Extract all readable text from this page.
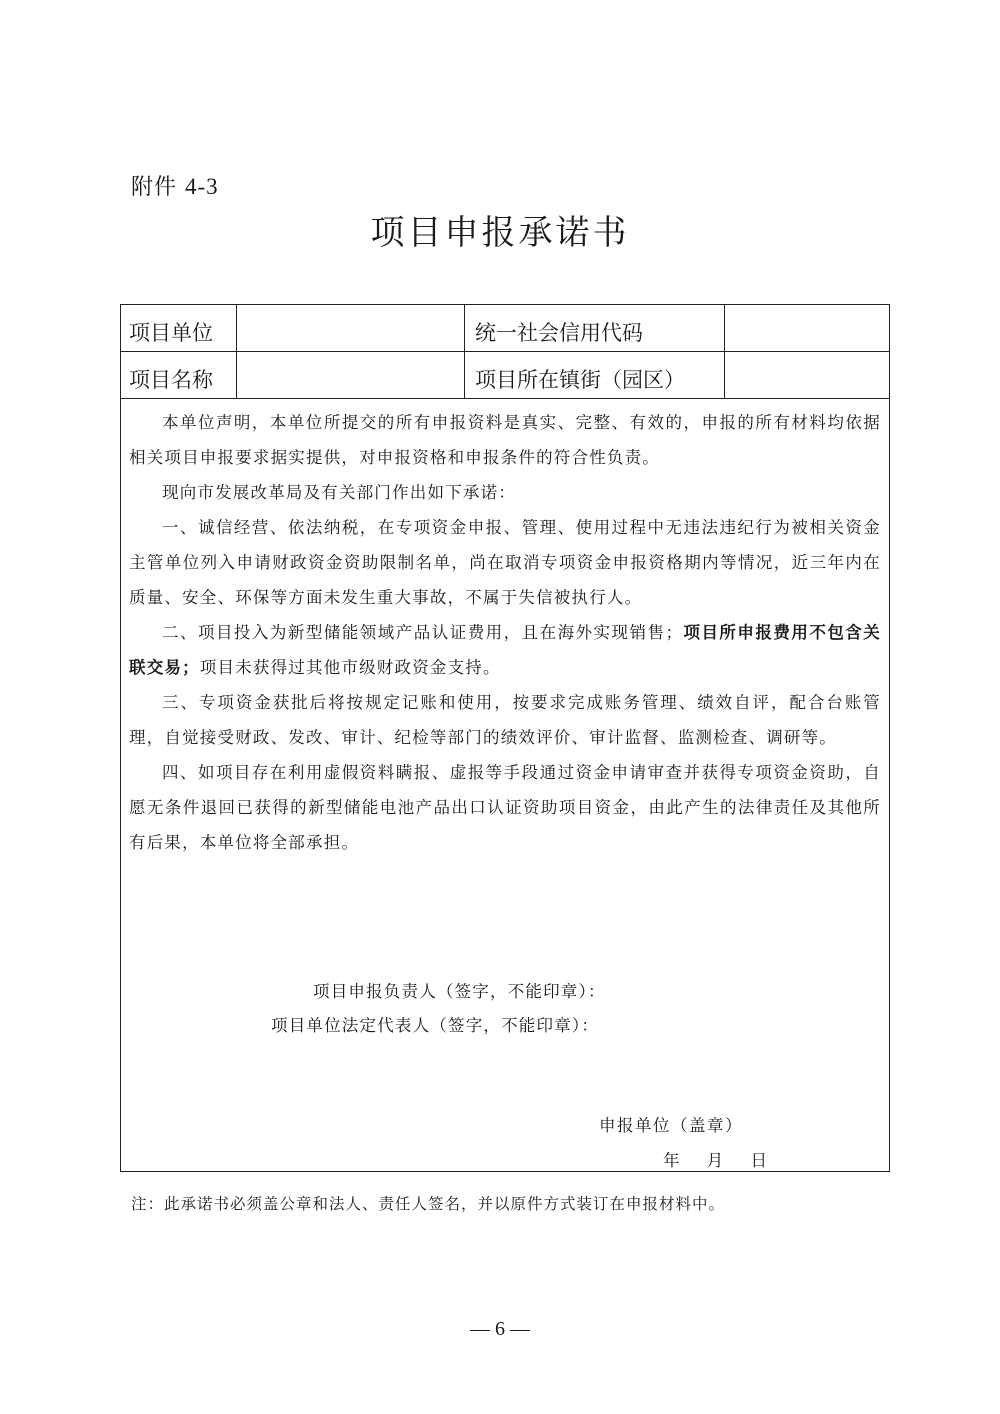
附件 4-3
项目申报承诺书
项目单位	统一社会信用代码
项目名称	项目所在镇街（园区）

本单位声明，本单位所提交的所有申报资料是真实、完整、有效的，申报的所有材料均依据相关项目申报要求据实提供，对申报资格和申报条件的符合性负责。

现向市发展改革局及有关部门作出如下承诺：

一、诚信经营、依法纳税，在专项资金申报、管理、使用过程中无违法违纪行为被相关资金主管单位列入申请财政资金资助限制名单，尚在取消专项资金申报资格期内等情况，近三年内在质量、安全、环保等方面未发生重大事故，不属于失信被执行人。

二、项目投入为新型储能领域产品认证费用，且在海外实现销售；项目所申报费用不包含关联交易；项目未获得过其他市级财政资金支持。

三、专项资金获批后将按规定记账和使用，按要求完成账务管理、绩效自评，配合台账管理，自觉接受财政、发改、审计、纪检等部门的绩效评价、审计监督、监测检查、调研等。

四、如项目存在利用虚假资料瞒报、虚报等手段通过资金申请审查并获得专项资金资助，自愿无条件退回已获得的新型储能电池产品出口认证资助项目资金，由此产生的法律责任及其他所有后果，本单位将全部承担。

项目申报负责人（签字，不能印章）：
项目单位法定代表人（签字，不能印章）：
申报单位（盖章）
年 月 日
注：此承诺书必须盖公章和法人、责任人签名，并以原件方式装订在申报材料中。
— 6 —
